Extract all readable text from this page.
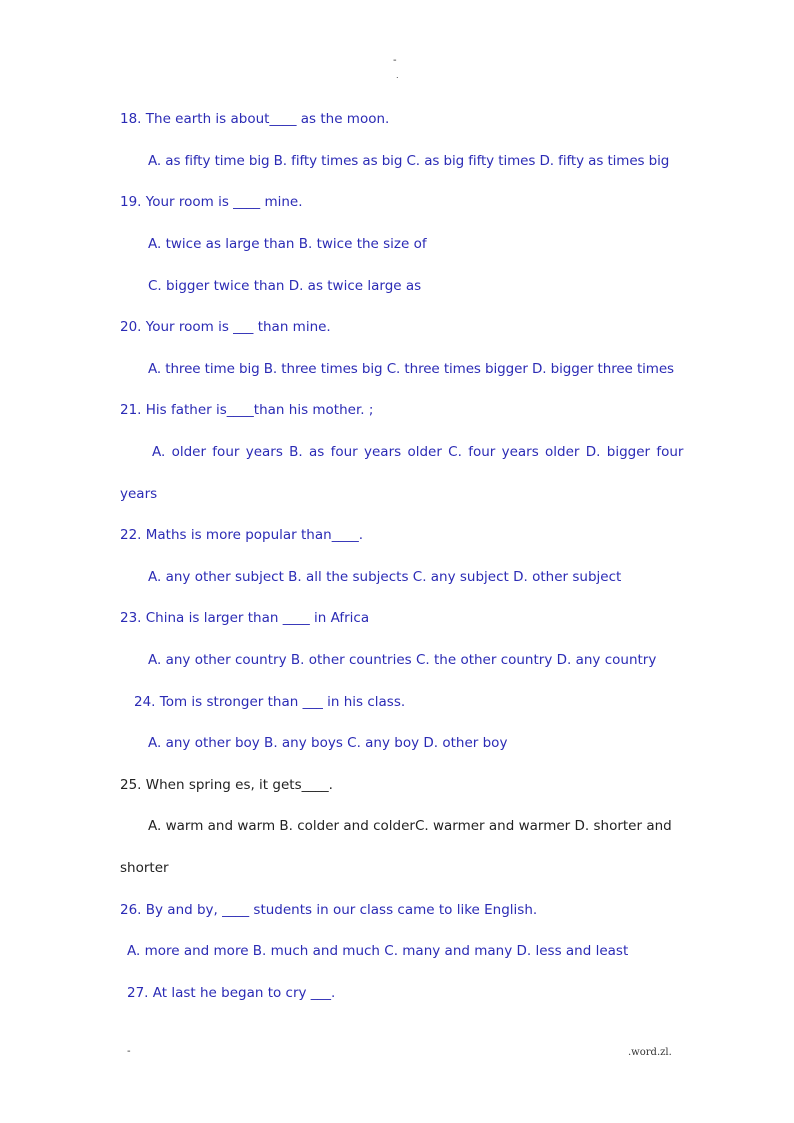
-
.
18. The earth is about____ as the moon.
A. as fifty time big B. fifty times as big C. as big fifty times D. fifty as times big
19. Your room is ____ mine.
A. twice as large than B. twice the size of
C. bigger twice than D. as twice large as
20. Your room is ___ than mine.
A. three time big B. three times big C. three times bigger D. bigger three times
21. His father is____than his mother. ;
A. older four years B. as four years older C. four years older D. bigger four
years
22. Maths is more popular than____.
A. any other subject B. all the subjects C. any subject D. other subject
23. China is larger than ____ in Africa
A. any other country B. other countries C. the other country D. any country
24. Tom is stronger than ___ in his class.
A. any other boy B. any boys C. any boy D. other boy
25. When spring es, it gets____.
A. warm and warm B. colder and colderC. warmer and warmer D. shorter and
shorter
26. By and by, ____ students in our class came to like English.
A. more and more B. much and much C. many and many D. less and least
27. At last he began to cry ___.
-	.word.zl.
